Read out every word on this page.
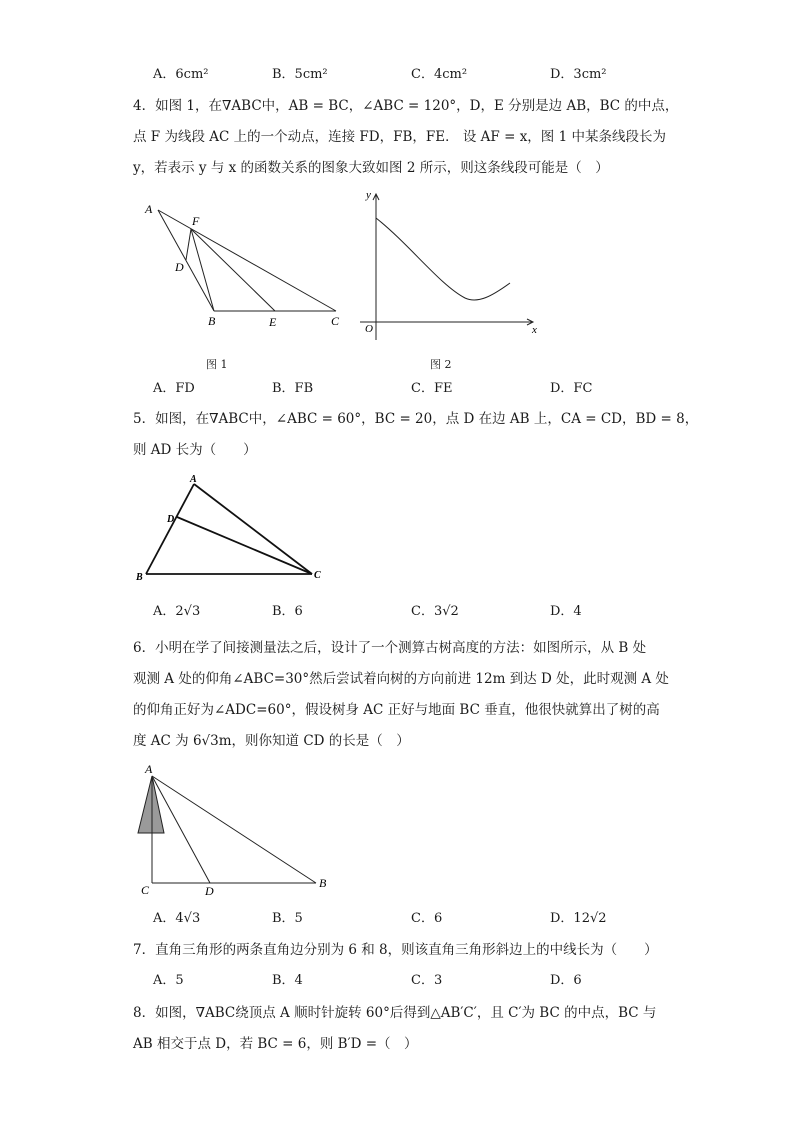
A．6cm²	B．5cm²	C．4cm²	D．3cm²
4．如图 1，在∇ABC中，AB = BC，∠ABC = 120°，D，E 分别是边 AB，BC 的中点，
点 F 为线段 AC 上的一个动点，连接 FD，FB，FE． 设 AF = x，图 1 中某条线段长为
y，若表示 y 与 x 的函数关系的图象大致如图 2 所示，则这条线段可能是（　）
A
F
D
B	E	C
y
O	x
A
D
B	C
A
C	D
B
图 1	图 2
A．FD	B．FB	C．FE	D．FC
5．如图，在∇ABC中，∠ABC = 60°，BC = 20，点 D 在边 AB 上，CA = CD，BD = 8，
则 AD 长为（　　）
A．2√3	B．6	C．3√2	D．4
6．小明在学了间接测量法之后，设计了一个测算古树高度的方法：如图所示，从 B 处
观测 A 处的仰角∠ABC=30°然后尝试着向树的方向前进 12m 到达 D 处，此时观测 A 处
的仰角正好为∠ADC=60°，假设树身 AC 正好与地面 BC 垂直，他很快就算出了树的高
度 AC 为 6√3m，则你知道 CD 的长是（　）
A．4√3	B．5	C．6	D．12√2
7．直角三角形的两条直角边分别为 6 和 8，则该直角三角形斜边上的中线长为（　　）
A．5	B．4	C．3	D．6
8．如图，∇ABC绕顶点 A 顺时针旋转 60°后得到△AB′C′，且 C′为 BC 的中点，BC 与
AB 相交于点 D，若 BC = 6，则 B′D =（　）
